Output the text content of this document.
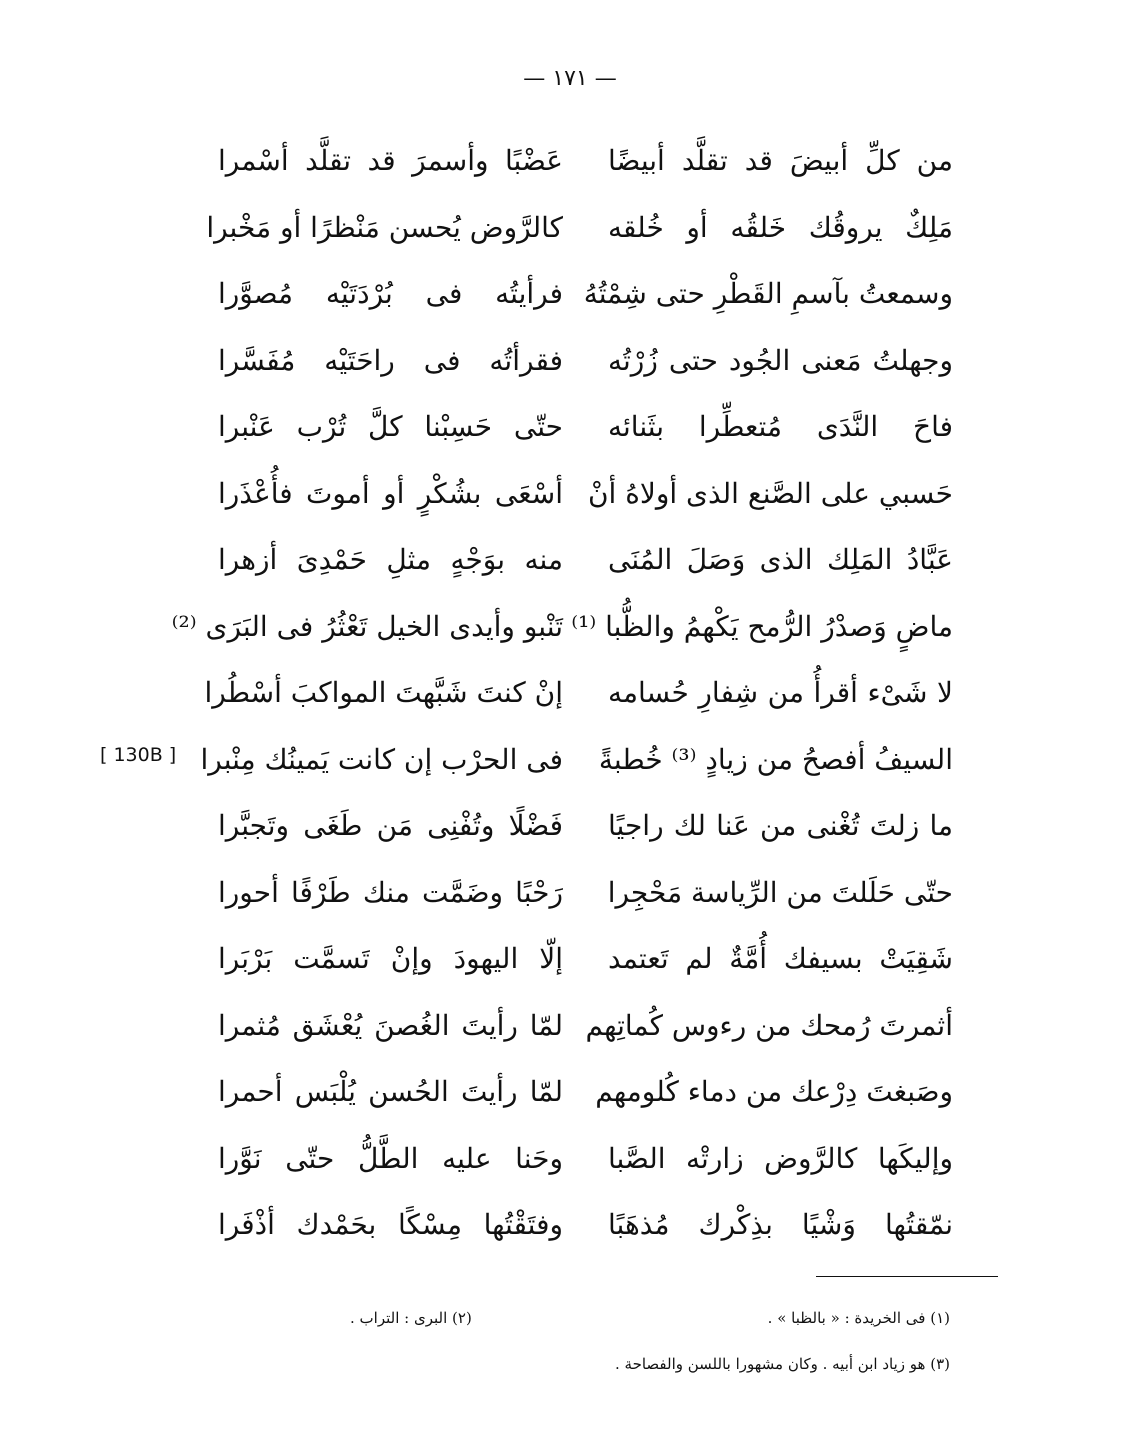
— ١٧١ —
من كلِّ أبيضَ قد تقلَّد أبيضًا
عَضْبًا وأسمرَ قد تقلَّد أسْمرا
مَلِكٌ يروقُك خَلقُه أو خُلقه
كالرَّوض يُحسن مَنْظرًا أو مَخْبرا
وسمعتُ بآسمِ القَطْرِ حتى شِمْتُهُ
فرأيتُه فى بُرْدَتَيْه مُصوَّرا
وجهلتُ مَعنى الجُود حتى زُرْتُه
فقرأتُه فى راحَتَيْه مُفَسَّرا
فاحَ النَّدَى مُتعطِّرا بثَنائه
حتّى حَسِبْنا كلَّ تُرْب عَنْبرا
حَسبي على الصَّنع الذى أولاهُ أنْ
أسْعَى بشُكْرٍ أو أموتَ فأُعْذَرا
عَبَّادُ المَلِك الذى وَصَلَ المُنَى
منه بوَجْهٍ مثلِ حَمْدِىَ أزهرا
ماضٍ وَصدْرُ الرُّمح يَكْهمُ والظُّبا ⁽¹⁾
تَنْبو وأيدى الخيل تَعْثُرُ فى البَرَى ⁽²⁾
لا شَىْء أقرأُ من شِفارِ حُسامه
إنْ كنتَ شَبَّهتَ المواكبَ أسْطُرا
السيفُ أفصحُ من زيادٍ ⁽³⁾ خُطبةً
فى الحرْب إن كانت يَمينُك مِنْبرا
ما زلتَ تُغْنى من عَنا لك راجيًا
فَضْلًا وتُفْنِى مَن طَغَى وتَجبَّرا
حتّى حَلَلتَ من الرِّياسة مَحْجِرا
رَحْبًا وضَمَّت منك طَرْفًا أحورا
شَقِيَتْ بسيفك أُمَّةٌ لم تَعتمد
إلّا اليهودَ وإنْ تَسمَّت بَرْبَرا
أثمرتَ رُمحك من رءوس كُماتِهم
لمّا رأيتَ الغُصنَ يُعْشَق مُثمرا
وصَبغتَ دِرْعك من دماء كُلومهم
لمّا رأيتَ الحُسن يُلْبَس أحمرا
وإليكَها كالرَّوض زارتْه الصَّبا
وحَنا عليه الطَّلُّ حتّى نَوَّرا
نمّقتُها وَشْيًا بذِكْرك مُذهَبًا
وفتَقْتُها مِسْكًا بحَمْدك أذْفَرا
[ 130B ]
(١) فى الخريدة : « بالظبا » .
(٢) البرى : التراب .
(٣) هو زياد ابن أبيه . وكان مشهورا باللسن والفصاحة .
